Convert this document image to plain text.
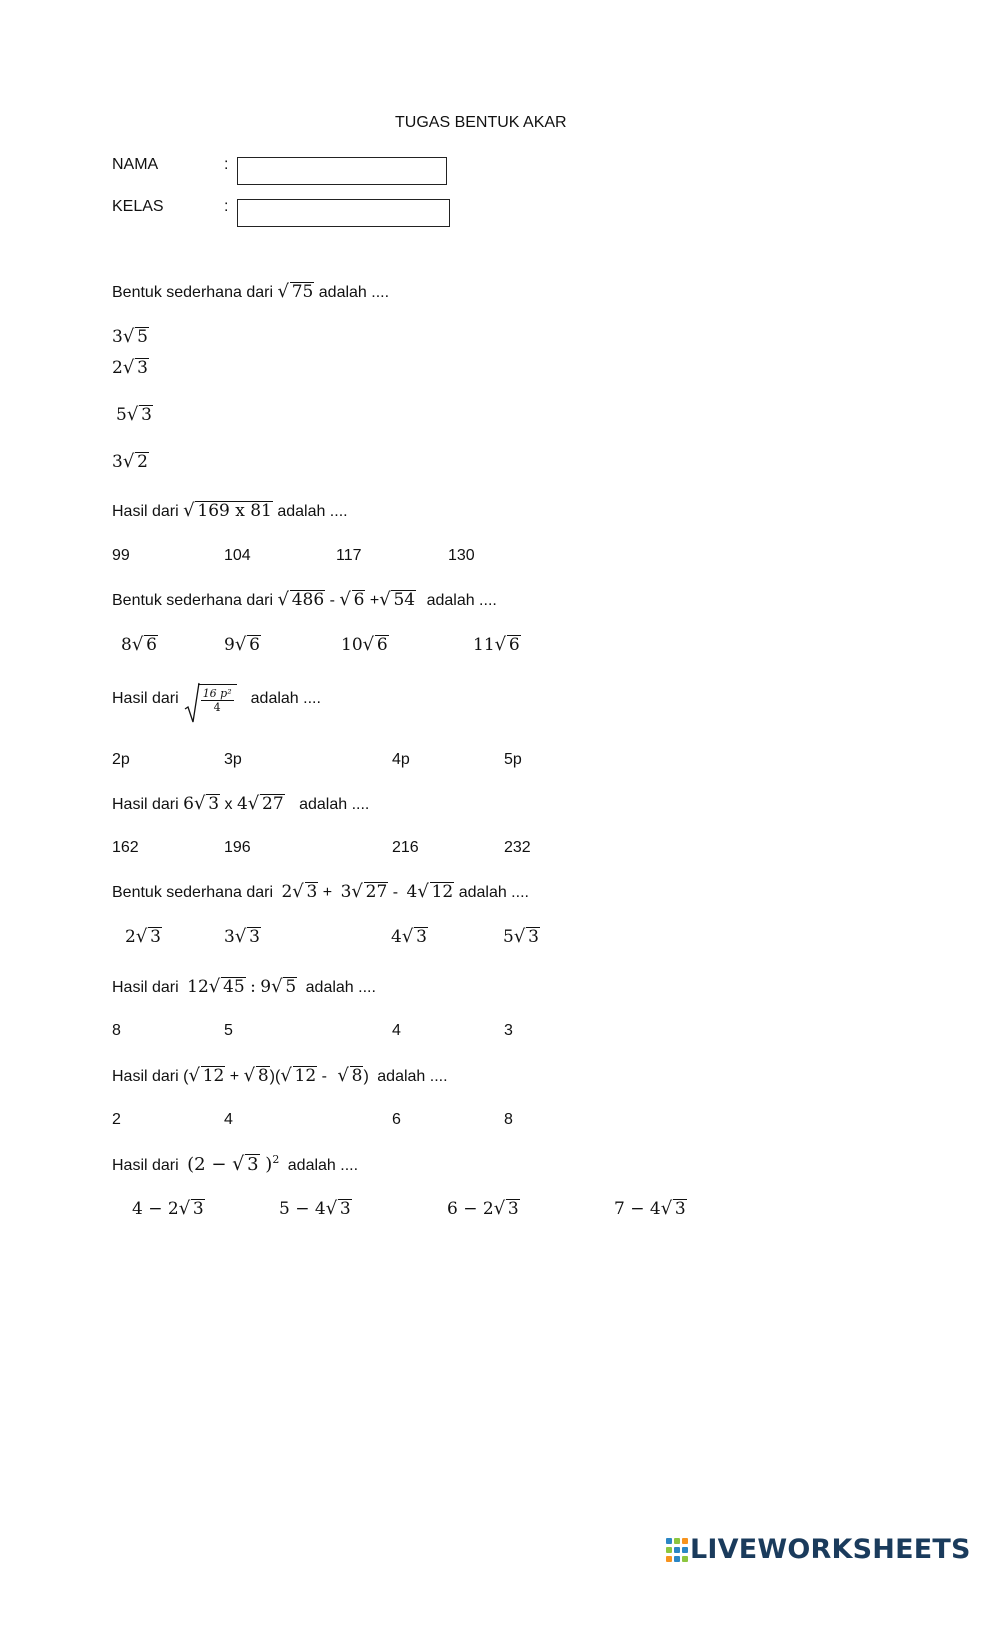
TUGAS BENTUK AKAR
NAMA	:
KELAS	:
Bentuk sederhana dari √ 75 adalah ....
3 √ 5
2 √ 3
5 √ 3
3 √ 2
Hasil dari √ 169 x 81 adalah ....
99	104	117	130
Bentuk sederhana dari √ 486 - √ 6 + √ 54 adalah ....
8 √ 6	9 √ 6	10 √ 6	11 √ 6
Hasil dari $\frac{\text{16 p²}}{4}$ adalah ....
2p	3p	4p	5p
Hasil dari 6 √ 3 x 4 √ 27 adalah ....
162	196	216	232
Bentuk sederhana dari 2 √ 3 + 3 √ 27 - 4 √ 12 adalah ....
2 √ 3	3 √ 3	4 √ 3	5 √ 3
Hasil dari 12 √ 45 : 9 √ 5 adalah ....
8	5	4	3
Hasil dari ( √ 12 + √ 8)( √ 12 - √ 8) adalah ....
2	4	6	8
Hasil dari (2 − √ 3 )$^2$ adalah ....
4 − 2 √ 3	5 − 4 √ 3	6 − 2 √ 3	7 − 4 √ 3
LIVEWORKSHEETS
